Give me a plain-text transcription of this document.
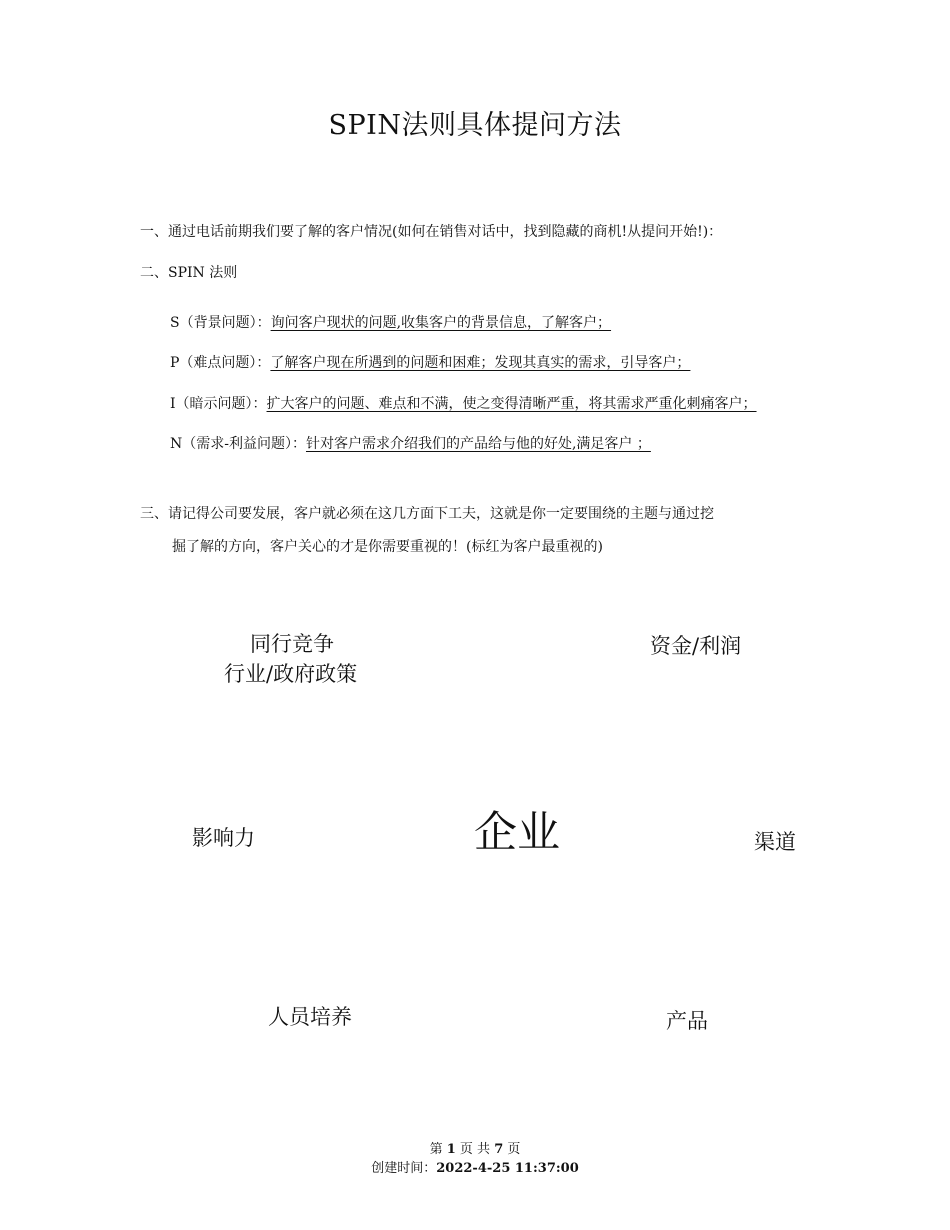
SPIN法则具体提问方法
一、通过电话前期我们要了解的客户情况(如何在销售对话中，找到隐藏的商机!从提问开始!)：
二、SPIN 法则
S（背景问题）：询问客户现状的问题,收集客户的背景信息，了解客户；
P（难点问题）：了解客户现在所遇到的问题和困难；发现其真实的需求，引导客户；
I（暗示问题）：扩大客户的问题、难点和不满，使之变得清晰严重，将其需求严重化刺痛客户；
N（需求-利益问题）：针对客户需求介绍我们的产品给与他的好处,满足客户 ；
三、请记得公司要发展，客户就必须在这几方面下工夫，这就是你一定要围绕的主题与通过挖
掘了解的方向，客户关心的才是你需要重视的！(标红为客户最重视的)
同行竞争
行业/政府政策
资金/利润
影响力	企业	渠道
人员培养	产品
第 1 页 共 7 页
创建时间：2022-4-25 11:37:00
